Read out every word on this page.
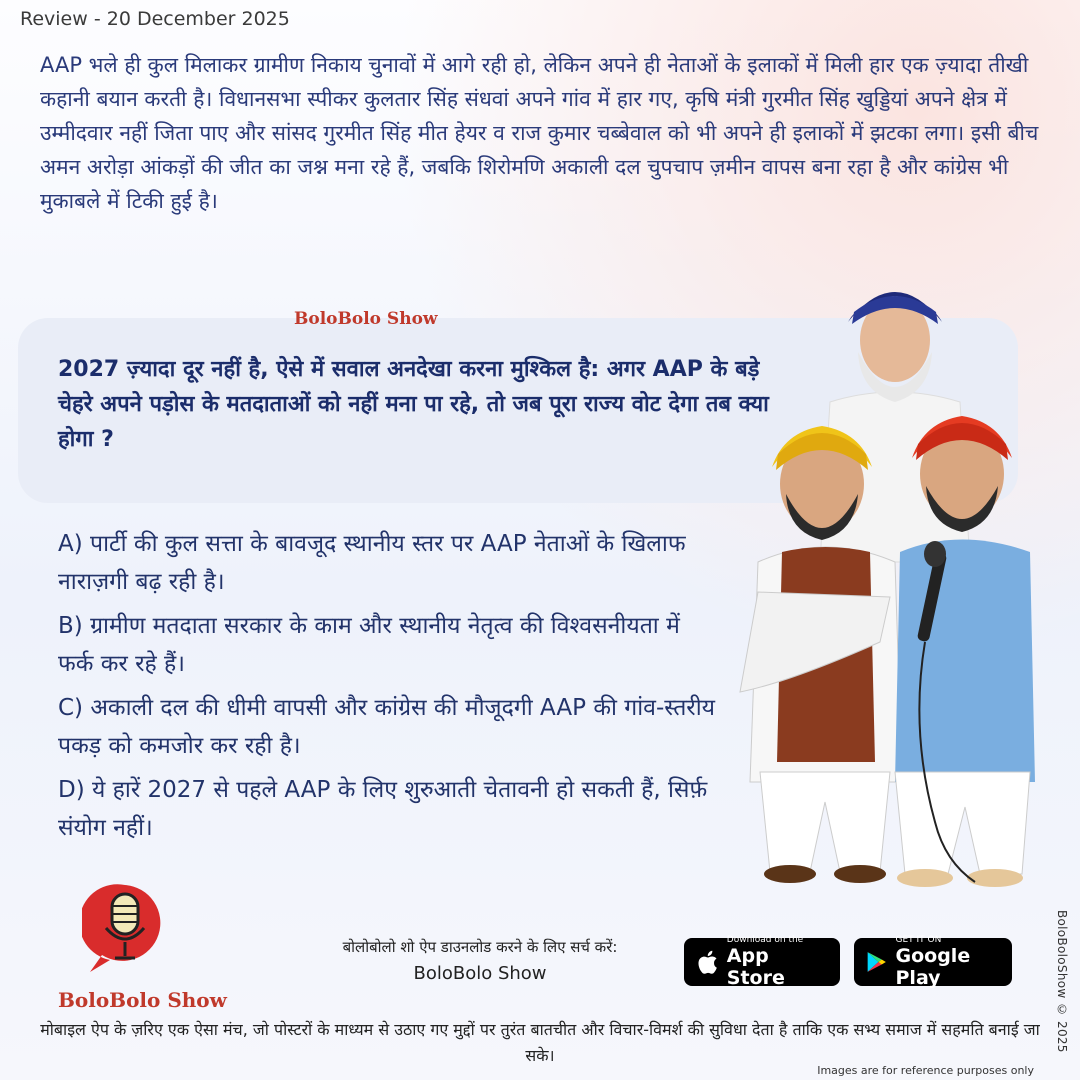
Review - 20 December 2025

AAP भले ही कुल मिलाकर ग्रामीण निकाय चुनावों में आगे रही हो, लेकिन अपने ही नेताओं के इलाकों में मिली हार एक ज़्यादा तीखी कहानी बयान करती है। विधानसभा स्पीकर कुलतार सिंह संधवां अपने गांव में हार गए, कृषि मंत्री गुरमीत सिंह खुड्डियां अपने क्षेत्र में उम्मीदवार नहीं जिता पाए और सांसद गुरमीत सिंह मीत हेयर व राज कुमार चब्बेवाल को भी अपने ही इलाकों में झटका लगा। इसी बीच अमन अरोड़ा आंकड़ों की जीत का जश्न मना रहे हैं, जबकि शिरोमणि अकाली दल चुपचाप ज़मीन वापस बना रहा है और कांग्रेस भी मुकाबले में टिकी हुई है।

BoloBolo Show

2027 ज़्यादा दूर नहीं है, ऐसे में सवाल अनदेखा करना मुश्किल है: अगर AAP के बड़े चेहरे अपने पड़ोस के मतदाताओं को नहीं मना पा रहे, तो जब पूरा राज्य वोट देगा तब क्या होगा ?

A) पार्टी की कुल सत्ता के बावजूद स्थानीय स्तर पर AAP नेताओं के खिलाफ नाराज़गी बढ़ रही है।
B) ग्रामीण मतदाता सरकार के काम और स्थानीय नेतृत्व की विश्वसनीयता में फर्क कर रहे हैं।
C) अकाली दल की धीमी वापसी और कांग्रेस की मौजूदगी AAP की गांव-स्तरीय पकड़ को कमजोर कर रही है।
D) ये हारें 2027 से पहले AAP के लिए शुरुआती चेतावनी हो सकती हैं, सिर्फ़ संयोग नहीं।
BoloBolo Show
बोलोबोलो शो ऐप डाउनलोड करने के लिए सर्च करें:
BoloBolo Show
Download on the
App Store
GET IT ON
Google Play

मोबाइल ऐप के ज़रिए एक ऐसा मंच, जो पोस्टरों के माध्यम से उठाए गए मुद्दों पर तुरंत बातचीत और विचार-विमर्श की सुविधा देता है ताकि एक सभ्य समाज में सहमति बनाई जा सके।

Images are for reference purposes only
BoloBoloShow © 2025
